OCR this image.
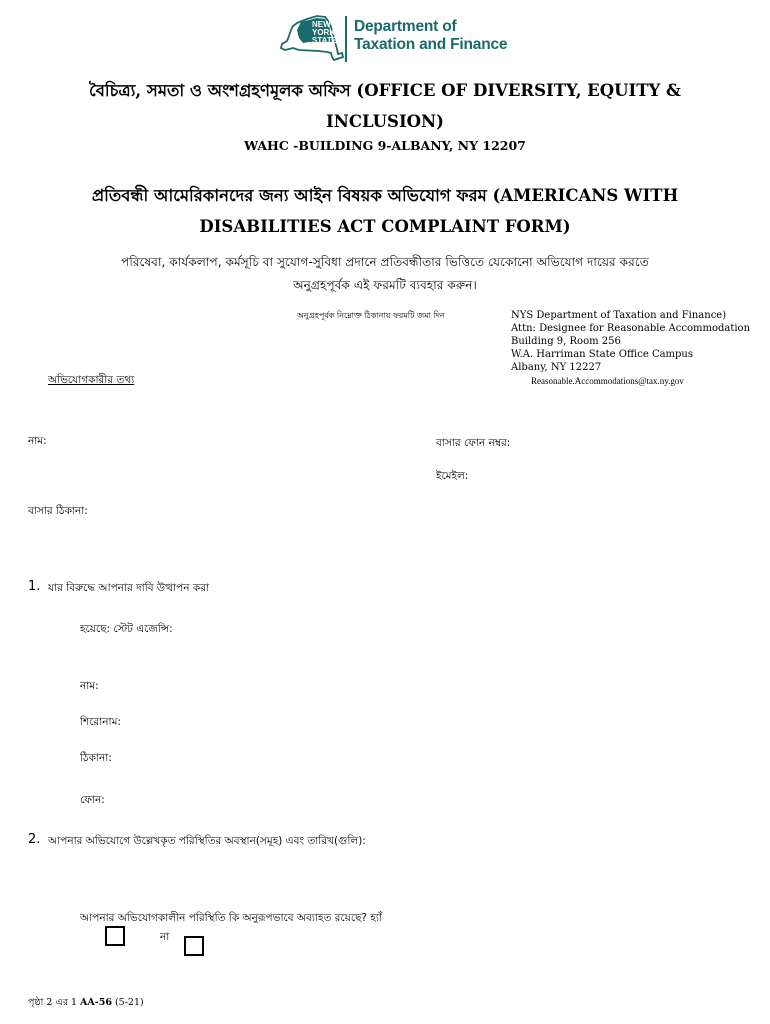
NEW
YORK
STATE
Department of
Taxation and Finance
বৈচিত্র্য, সমতা ও অংশগ্রহণমূলক অফিস (OFFICE OF DIVERSITY, EQUITY &
INCLUSION)
WAHC -BUILDING 9-ALBANY, NY 12207
প্রতিবন্ধী আমেরিকানদের জন্য আইন বিষয়ক অভিযোগ ফরম (AMERICANS WITH
DISABILITIES ACT COMPLAINT FORM)
পরিষেবা, কার্যকলাপ, কর্মসূচি বা সুযোগ-সুবিধা প্রদানে প্রতিবন্ধীতার ভিত্তিতে যেকোনো অভিযোগ দায়ের করতে
অনুগ্রহপূর্বক এই ফরমটি ব্যবহার করুন।
অনুগ্রহপূর্বক নিম্নোক্ত ঠিকানায় ফরমটি জমা দিন	NYS Department of Taxation and Finance)
Attn: Designee for Reasonable Accommodation
Building 9, Room 256
W.A. Harriman State Office Campus
Albany, NY 12227
Reasonable.Accommodations@tax.ny.gov
অভিযোগকারীর তথ্য
নাম:	বাসার ফোন নম্বর:
ইমেইল:
বাসার ঠিকানা:
1. যার বিরুদ্ধে আপনার দাবি উত্থাপন করা
হয়েছে: স্টেট এজেন্সি:
নাম:
শিরোনাম:
ঠিকানা:
ফোন:
2. আপনার অভিযোগে উল্লেখকৃত পরিস্থিতির অবস্থান(সমূহ) এবং তারিখ(গুলি):
আপনার অভিযোগকালীন পরিস্থিতি কি অনুরূপভাবে অব্যাহত রয়েছে? হ্যাঁ
না
পৃষ্ঠা 2 এর 1 AA-56 (5-21)
